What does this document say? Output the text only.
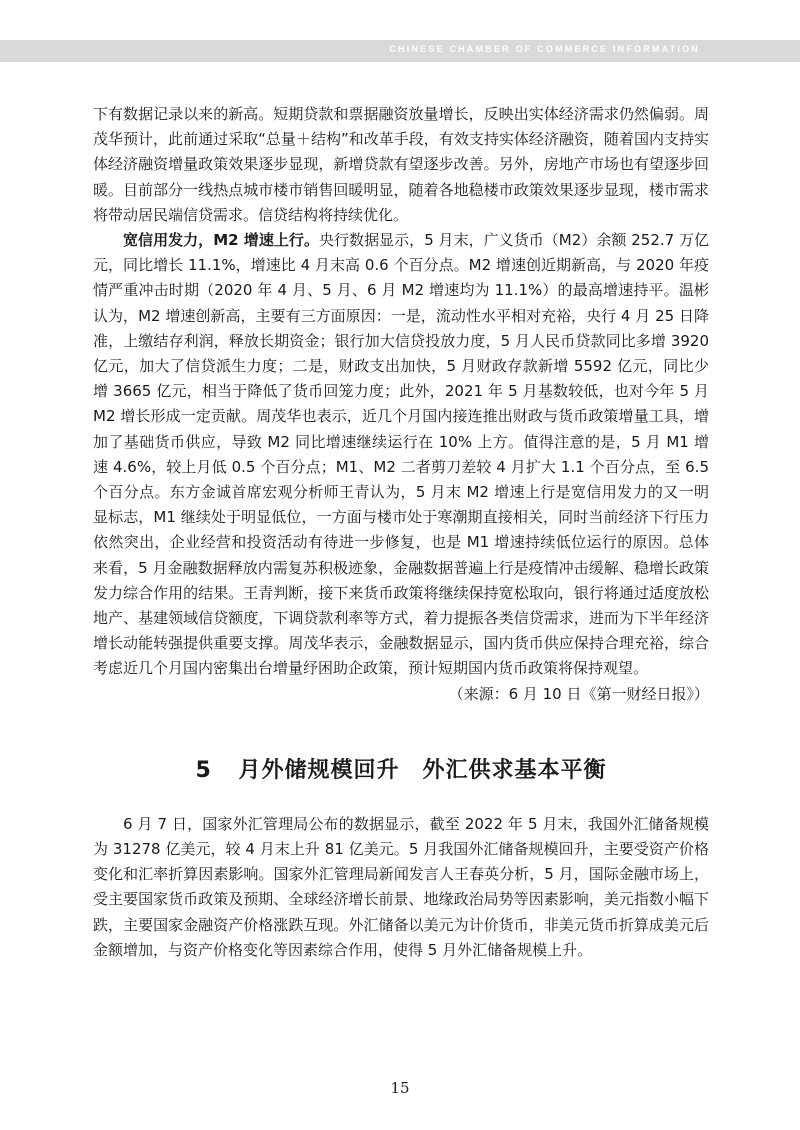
CHINESE CHAMBER OF COMMERCE INFORMATION

下有数据记录以来的新高。短期贷款和票据融资放量增长，反映出实体经济需求仍然偏弱。周茂华预计，此前通过采取“总量＋结构”和改革手段，有效支持实体经济融资，随着国内支持实体经济融资增量政策效果逐步显现，新增贷款有望逐步改善。另外，房地产市场也有望逐步回暖。目前部分一线热点城市楼市销售回暖明显，随着各地稳楼市政策效果逐步显现，楼市需求将带动居民端信贷需求。信贷结构将持续优化。

宽信用发力，M2 增速上行。央行数据显示，5 月末，广义货币（M2）余额 252.7 万亿元，同比增长 11.1%，增速比 4 月末高 0.6 个百分点。M2 增速创近期新高，与 2020 年疫情严重冲击时期（2020 年 4 月、5 月、6 月 M2 增速均为 11.1%）的最高增速持平。温彬认为，M2 增速创新高，主要有三方面原因：一是，流动性水平相对充裕，央行 4 月 25 日降准，上缴结存利润，释放长期资金；银行加大信贷投放力度，5 月人民币贷款同比多增 3920 亿元，加大了信贷派生力度；二是，财政支出加快，5 月财政存款新增 5592 亿元，同比少增 3665 亿元，相当于降低了货币回笼力度；此外，2021 年 5 月基数较低，也对今年 5 月 M2 增长形成一定贡献。周茂华也表示，近几个月国内接连推出财政与货币政策增量工具，增加了基础货币供应，导致 M2 同比增速继续运行在 10% 上方。值得注意的是，5 月 M1 增速 4.6%，较上月低 0.5 个百分点；M1、M2 二者剪刀差较 4 月扩大 1.1 个百分点，至 6.5 个百分点。东方金诚首席宏观分析师王青认为，5 月末 M2 增速上行是宽信用发力的又一明显标志，M1 继续处于明显低位，一方面与楼市处于寒潮期直接相关，同时当前经济下行压力依然突出，企业经营和投资活动有待进一步修复，也是 M1 增速持续低位运行的原因。总体来看，5 月金融数据释放内需复苏积极迹象，金融数据普遍上行是疫情冲击缓解、稳增长政策发力综合作用的结果。王青判断，接下来货币政策将继续保持宽松取向，银行将通过适度放松地产、基建领域信贷额度，下调贷款利率等方式，着力提振各类信贷需求，进而为下半年经济增长动能转强提供重要支撑。周茂华表示，金融数据显示，国内货币供应保持合理充裕，综合考虑近几个月国内密集出台增量纾困助企政策，预计短期国内货币政策将保持观望。

（来源：6 月 10 日《第一财经日报》）

5 月外储规模回升　外汇供求基本平衡

6 月 7 日，国家外汇管理局公布的数据显示，截至 2022 年 5 月末，我国外汇储备规模为 31278 亿美元，较 4 月末上升 81 亿美元。5 月我国外汇储备规模回升，主要受资产价格变化和汇率折算因素影响。国家外汇管理局新闻发言人王春英分析，5 月，国际金融市场上，受主要国家货币政策及预期、全球经济增长前景、地缘政治局势等因素影响，美元指数小幅下跌，主要国家金融资产价格涨跌互现。外汇储备以美元为计价货币，非美元货币折算成美元后金额增加，与资产价格变化等因素综合作用，使得 5 月外汇储备规模上升。

15
